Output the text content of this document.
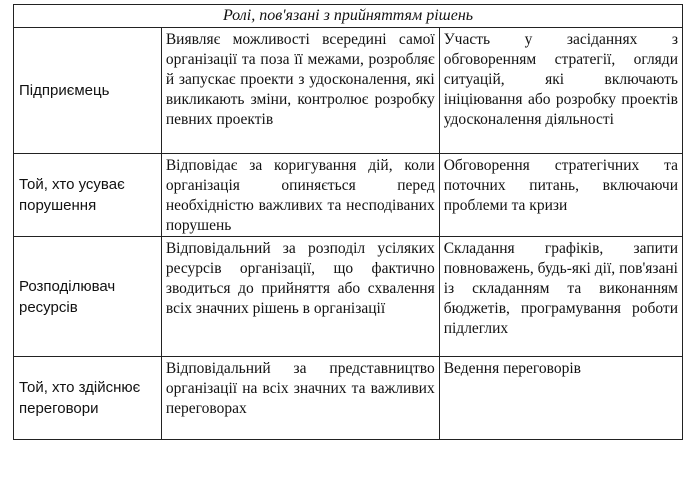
Ролі, пов'язані з прийняттям рішень		
Підприємець	Виявляє можливості всередині самої організації та поза її межами, розробляє й запускає проекти з удосконалення, які викликають зміни, контролює розробку певних проектів	Участь у засіданнях з обговоренням стратегії, огляди ситуацій, які включають ініціювання або розробку проектів удосконалення діяльності
Той, хто усуває порушення	Відповідає за коригування дій, коли організація опиняється перед необхідністю важливих та несподіваних порушень	Обговорення стратегічних та поточних питань, включаючи проблеми та кризи
Розподілювач ресурсів	Відповідальний за розподіл усіляких ресурсів організації, що фактично зводиться до прийняття або схвалення всіх значних рішень в організації	Складання графіків, запити повноважень, будь-які дії, пов'язані із складанням та виконанням бюджетів, програмування роботи підлеглих
Той, хто здійснює переговори	Відповідальний за представництво організації на всіх значних та важливих переговорах	Ведення переговорів
